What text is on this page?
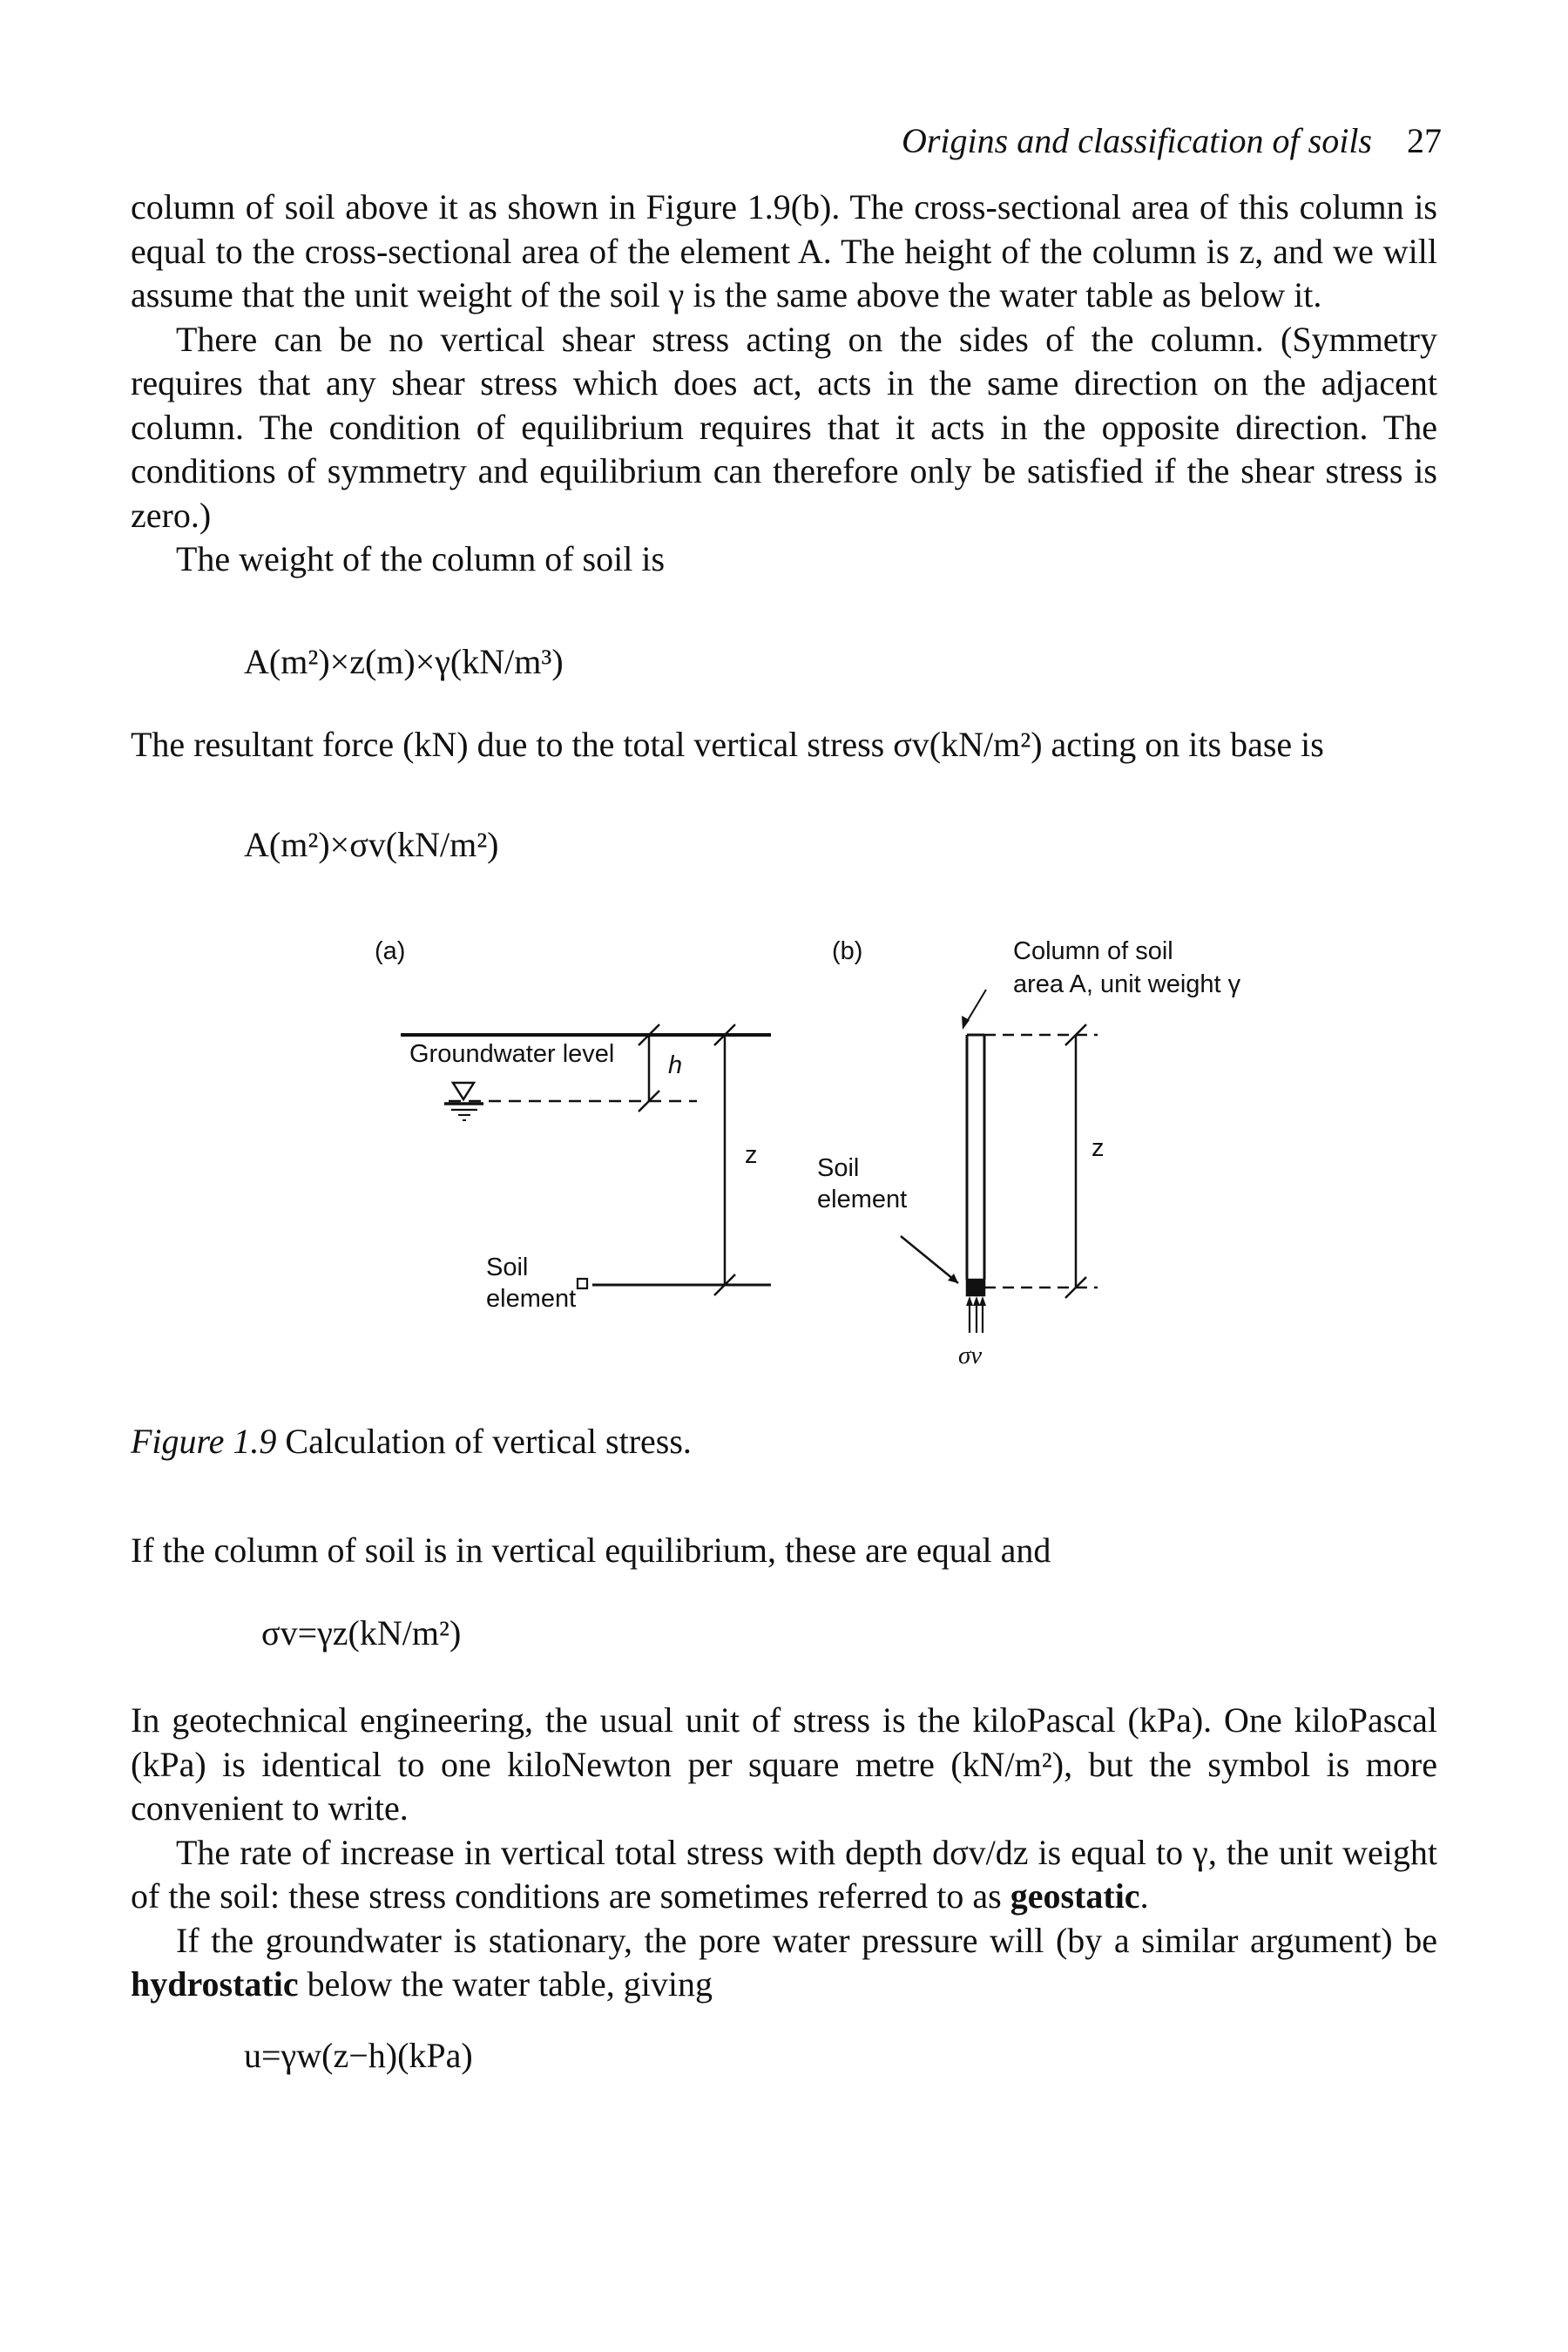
Origins and classification of soils 27

column of soil above it as shown in Figure 1.9(b). The cross-sectional area of this column is equal to the cross-sectional area of the element A. The height of the column is z, and we will assume that the unit weight of the soil γ is the same above the water table as below it.

There can be no vertical shear stress acting on the sides of the column. (Symmetry requires that any shear stress which does act, acts in the same direction on the adjacent column. The condition of equilibrium requires that it acts in the opposite direction. The conditions of symmetry and equilibrium can therefore only be satisfied if the shear stress is zero.)

The weight of the column of soil is

A(m²)×z(m)×γ(kN/m³)

The resultant force (kN) due to the total vertical stress σv(kN/m²) acting on its base is

A(m²)×σv(kN/m²)
(a)	(b)
Groundwater level h
z
Soil
element
Soil
element
Column of soil
area A, unit weight γ
z
σv
Figure 1.9 Calculation of vertical stress.

If the column of soil is in vertical equilibrium, these are equal and

σv=γz(kN/m²)

In geotechnical engineering, the usual unit of stress is the kiloPascal (kPa). One kiloPascal (kPa) is identical to one kiloNewton per square metre (kN/m²), but the symbol is more convenient to write.

The rate of increase in vertical total stress with depth dσv/dz is equal to γ, the unit weight of the soil: these stress conditions are sometimes referred to as geostatic.

If the groundwater is stationary, the pore water pressure will (by a similar argument) be hydrostatic below the water table, giving

u=γw(z−h)(kPa)
